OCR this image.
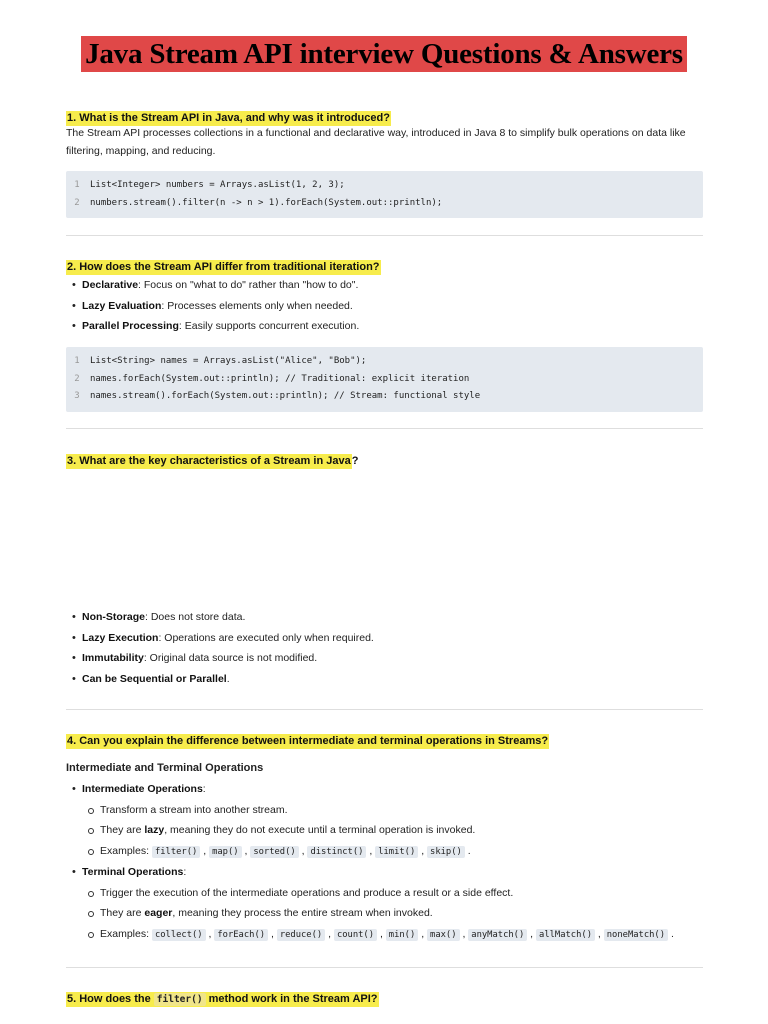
Java Stream API interview Questions & Answers
1. What is the Stream API in Java, and why was it introduced?
The Stream API processes collections in a functional and declarative way, introduced in Java 8 to simplify bulk operations on data like filtering, mapping, and reducing.
1 List<Integer> numbers = Arrays.asList(1, 2, 3);
2 numbers.stream().filter(n -> n > 1).forEach(System.out::println);
2. How does the Stream API differ from traditional iteration?
• Declarative: Focus on "what to do" rather than "how to do".
• Lazy Evaluation: Processes elements only when needed.
• Parallel Processing: Easily supports concurrent execution.
1 List<String> names = Arrays.asList("Alice", "Bob");
2 names.forEach(System.out::println); // Traditional: explicit iteration
3 names.stream().forEach(System.out::println); // Stream: functional style
3. What are the key characteristics of a Stream in Java?
• Non-Storage: Does not store data.
• Lazy Execution: Operations are executed only when required.
• Immutability: Original data source is not modified.
• Can be Sequential or Parallel.
4. Can you explain the difference between intermediate and terminal operations in Streams?
Intermediate and Terminal Operations
• Intermediate Operations:
Transform a stream into another stream.
They are lazy, meaning they do not execute until a terminal operation is invoked.
Examples: filter() , map() , sorted() , distinct() , limit() , skip() .
• Terminal Operations:
Trigger the execution of the intermediate operations and produce a result or a side effect.
They are eager, meaning they process the entire stream when invoked.
Examples: collect() , forEach() , reduce() , count() , min() , max() , anyMatch() , allMatch() , noneMatch() .
5. How does the filter() method work in the Stream API?
